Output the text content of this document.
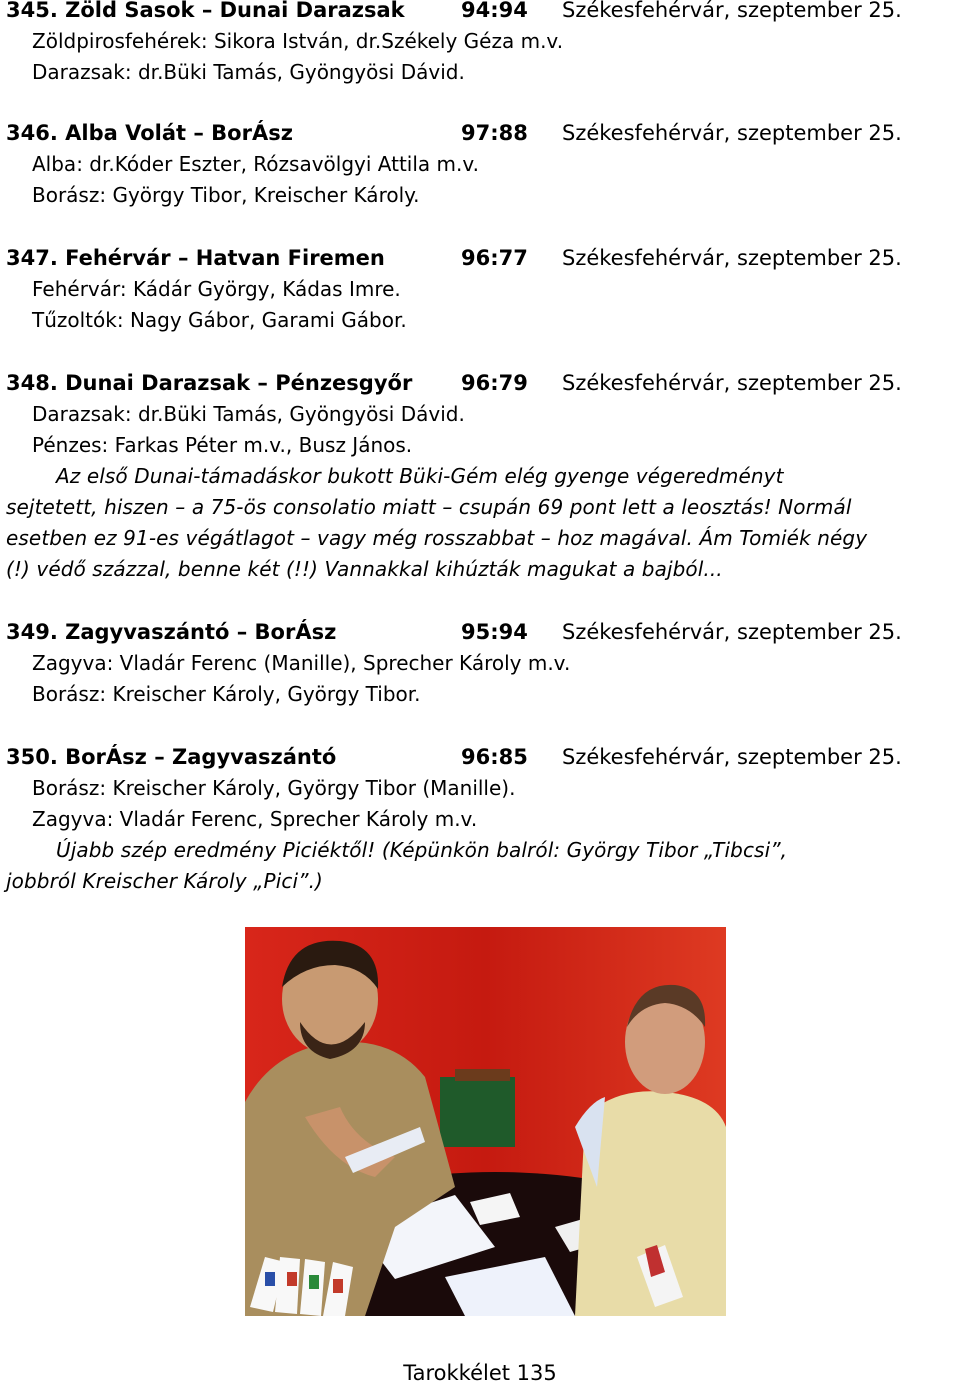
345. Zöld Sasok – Dunai Darazsak	94:94 Székesfehérvár, szeptember 25.
Zöldpirosfehérek: Sikora István, dr.Székely Géza m.v.
Darazsak: dr.Büki Tamás, Gyöngyösi Dávid.
346. Alba Volát – BorÁsz	97:88 Székesfehérvár, szeptember 25.
Alba: dr.Kóder Eszter, Rózsavölgyi Attila m.v.
Borász: György Tibor, Kreischer Károly.
347. Fehérvár – Hatvan Firemen	96:77 Székesfehérvár, szeptember 25.
Fehérvár: Kádár György, Kádas Imre.
Tűzoltók: Nagy Gábor, Garami Gábor.
348. Dunai Darazsak – Pénzesgyőr 96:79 Székesfehérvár, szeptember 25.
Darazsak: dr.Büki Tamás, Gyöngyösi Dávid.
Pénzes: Farkas Péter m.v., Busz János.

Az első Dunai-támadáskor bukott Büki-Gém elég gyenge végeredményt
sejtetett, hiszen – a 75-ös consolatio miatt – csupán 69 pont lett a leosztás! Normál
esetben ez 91-es végátlagot – vagy még rosszabbat – hoz magával. Ám Tomiék négy
(!) védő százzal, benne két (!!) Vannakkal kihúzták magukat a bajból...

349. Zagyvaszántó – BorÁsz	95:94 Székesfehérvár, szeptember 25.
Zagyva: Vladár Ferenc (Manille), Sprecher Károly m.v.
Borász: Kreischer Károly, György Tibor.
350. BorÁsz – Zagyvaszántó	96:85 Székesfehérvár, szeptember 25.
Borász: Kreischer Károly, György Tibor (Manille).
Zagyva: Vladár Ferenc, Sprecher Károly m.v.

Újabb szép eredmény Piciéktől! (Képünkön balról: György Tibor „Tibcsi”,
jobbról Kreischer Károly „Pici”.)

Tarokkélet 135
